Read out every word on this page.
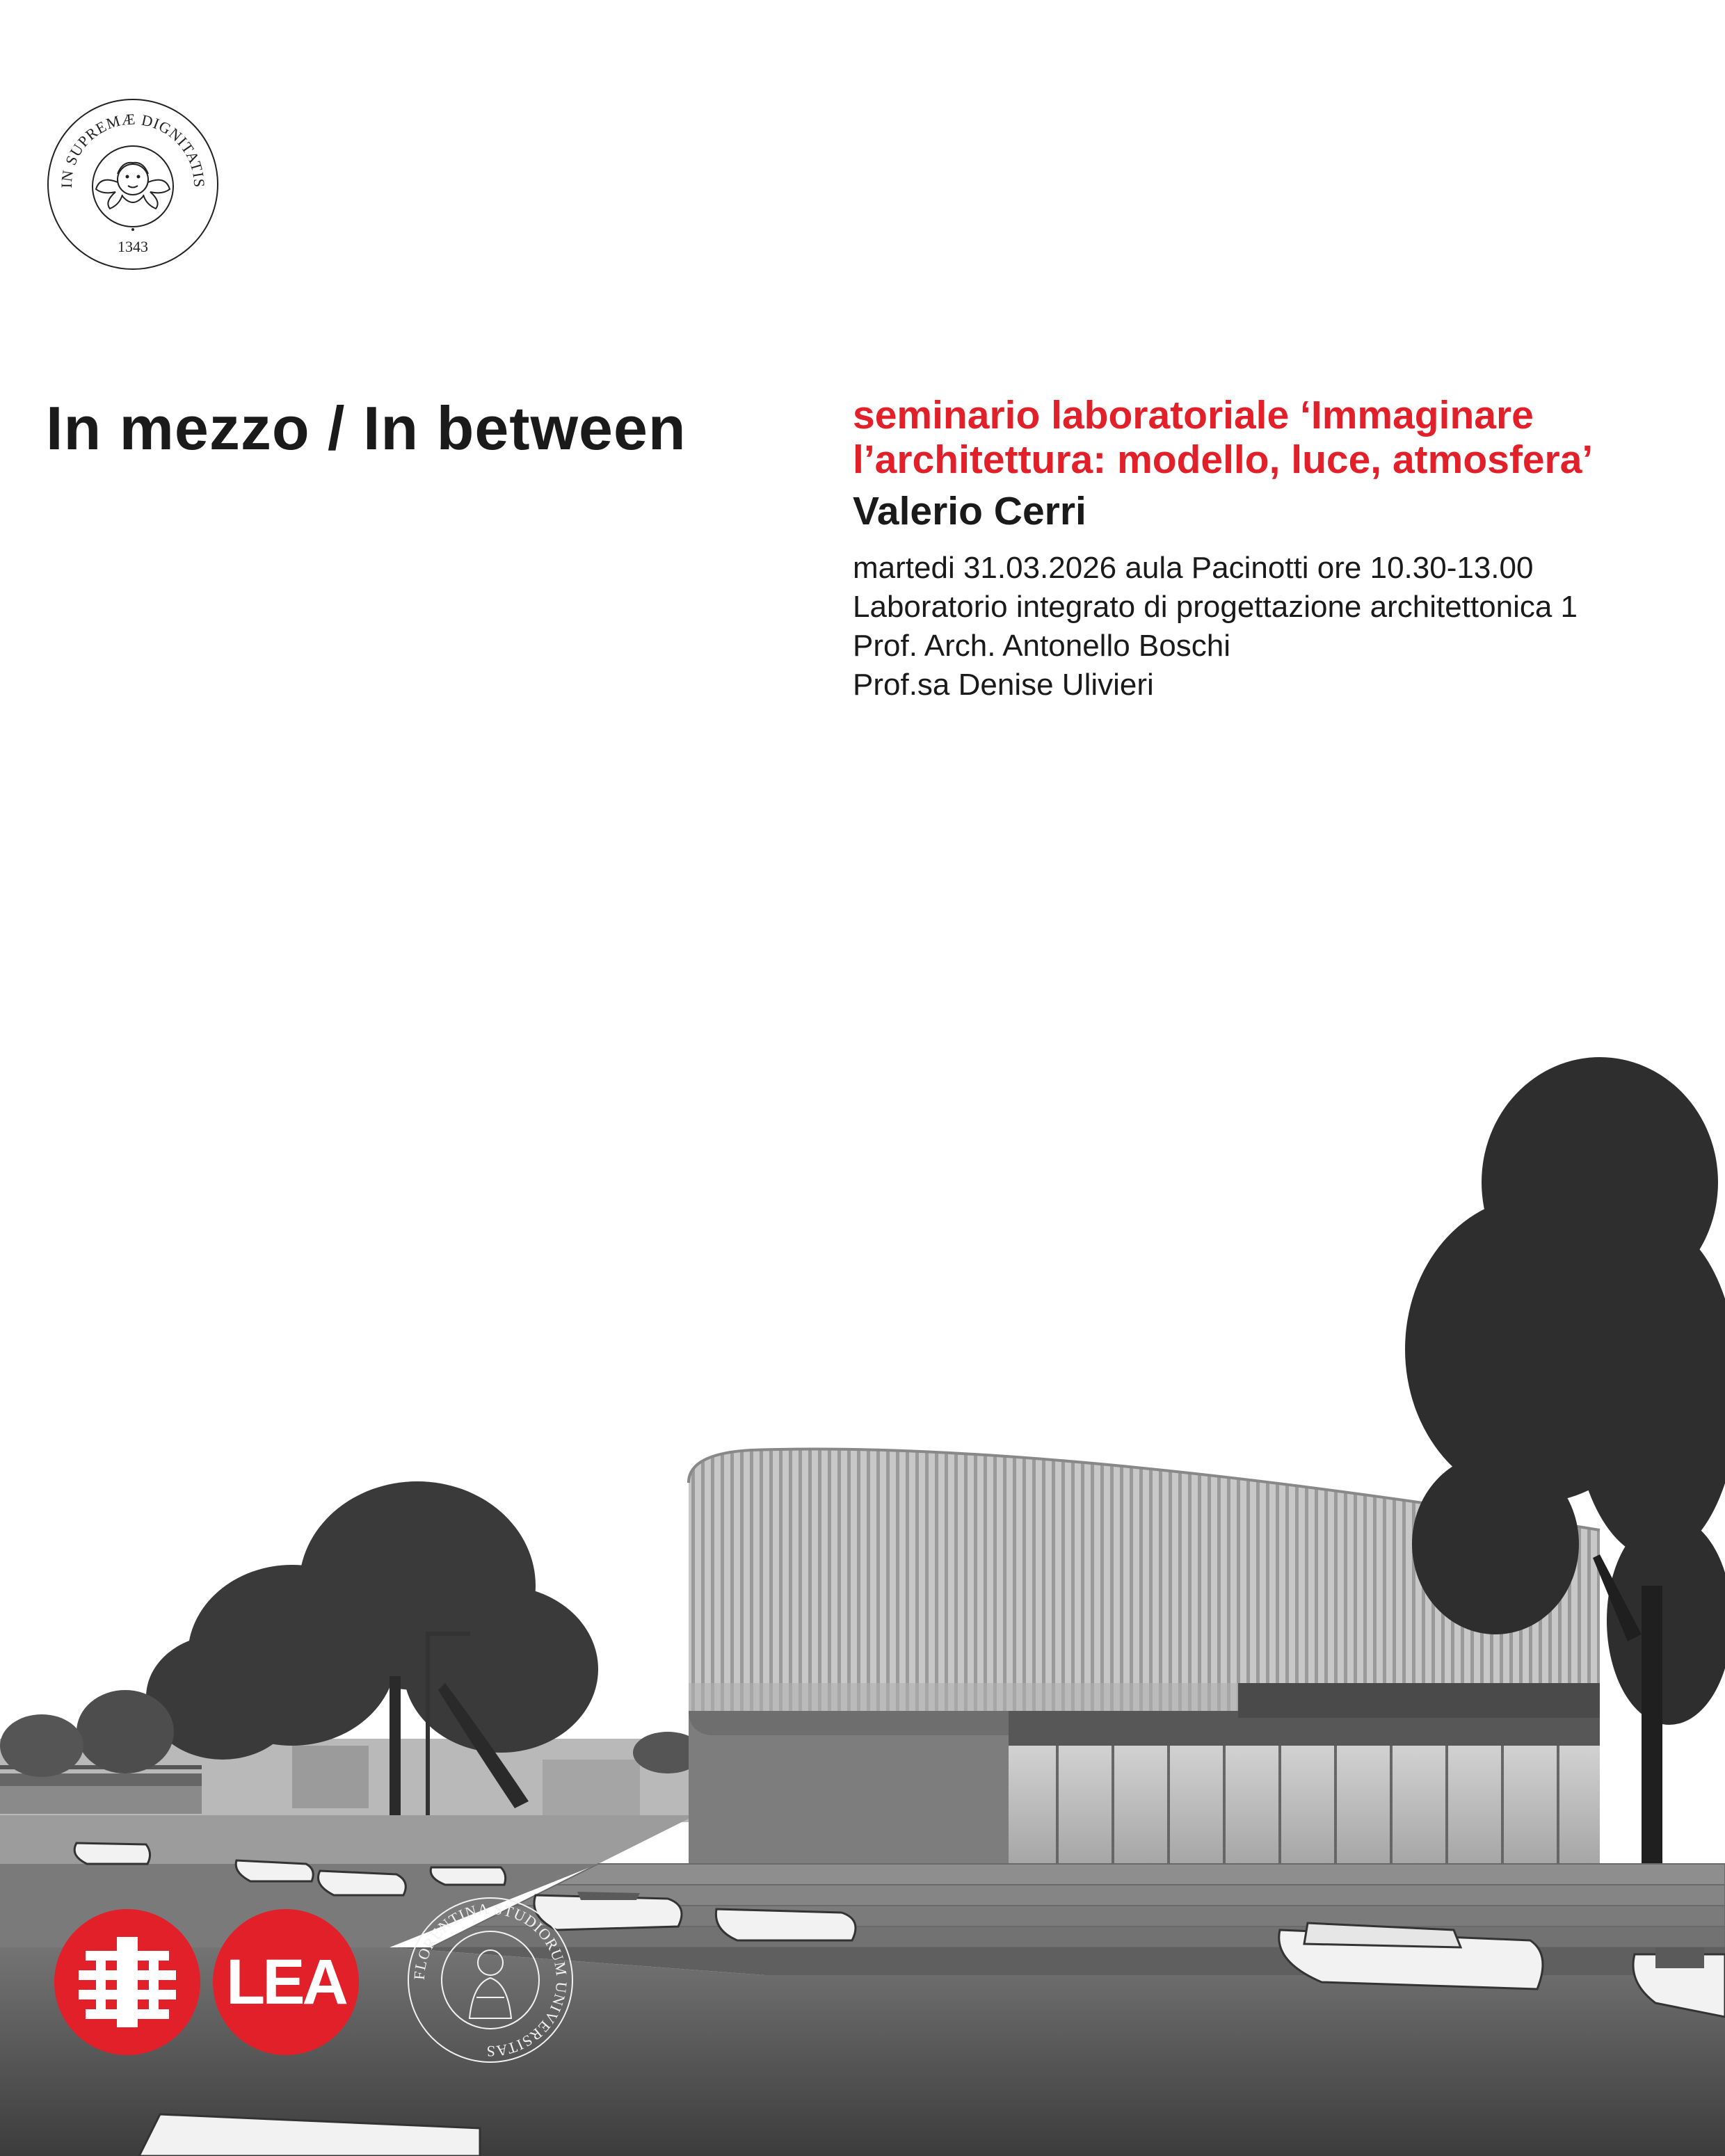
IN SUPREMÆ DIGNITATIS
1343
In mezzo / In between	seminario laboratoriale ‘Immaginare

l’architettura: modello, luce, atmosfera’

Valerio Cerri

martedi 31.03.2026 aula Pacinotti ore 10.30-13.00

Laboratorio integrato di progettazione architettonica 1

Prof. Arch. Antonello Boschi

Prof.sa Denise Ulivieri

LEA	FLORENTINA STUDIORUM UNIVERSITAS
